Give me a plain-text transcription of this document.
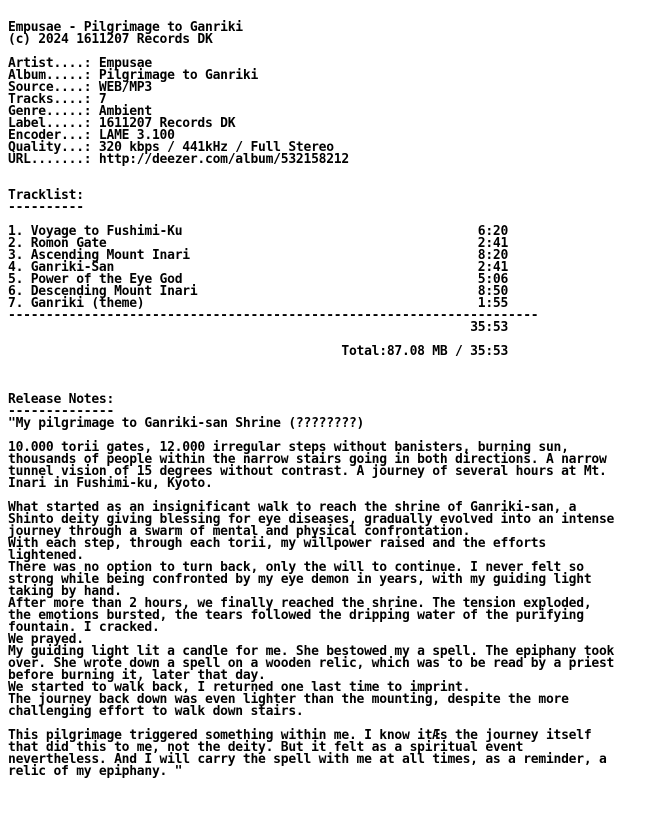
Empusae - Pilgrimage to Ganriki
(c) 2024 1611207 Records DK

Artist....: Empusae
Album.....: Pilgrimage to Ganriki
Source....: WEB/MP3
Tracks....: 7
Genre.....: Ambient
Label.....: 1611207 Records DK
Encoder...: LAME 3.100
Quality...: 320 kbps / 441kHz / Full Stereo
URL.......: http://deezer.com/album/532158212

Tracklist:
----------

1. Voyage to Fushimi-Ku	6:20
2. Romon Gate	2:41
3. Ascending Mount Inari	8:20
4. Ganriki-San	2:41
5. Power of the Eye God	5:06
6. Descending Mount Inari	8:50
7. Ganriki (theme)	1:55
----------------------------------------------------------------------
35:53

Total:87.08 MB / 35:53

Release Notes:
--------------
"My pilgrimage to Ganriki-san Shrine (????????)

10.000 torii gates, 12.000 irregular steps without banisters, burning sun,
thousands of people within the narrow stairs going in both directions. A narrow
tunnel vision of 15 degrees without contrast. A journey of several hours at Mt.
Inari in Fushimi-ku, Kyoto.

What started as an insignificant walk to reach the shrine of Ganriki-san, a
Shinto deity giving blessing for eye diseases, gradually evolved into an intense
journey through a swarm of mental and physical confrontation.
With each step, through each torii, my willpower raised and the efforts
lightened.
There was no option to turn back, only the will to continue. I never felt so
strong while being confronted by my eye demon in years, with my guiding light
taking by hand.
After more than 2 hours, we finally reached the shrine. The tension exploded,
the emotions bursted, the tears followed the dripping water of the purifying
fountain. I cracked.
We prayed.
My guiding light lit a candle for me. She bestowed my a spell. The epiphany took
over. She wrote down a spell on a wooden relic, which was to be read by a priest
before burning it, later that day.
We started to walk back, I returned one last time to imprint.
The journey back down was even lighter than the mounting, despite the more
challenging effort to walk down stairs.

This pilgrimage triggered something within me. I know itÆs the journey itself
that did this to me, not the deity. But it felt as a spiritual event
nevertheless. And I will carry the spell with me at all times, as a reminder, a
relic of my epiphany. "
